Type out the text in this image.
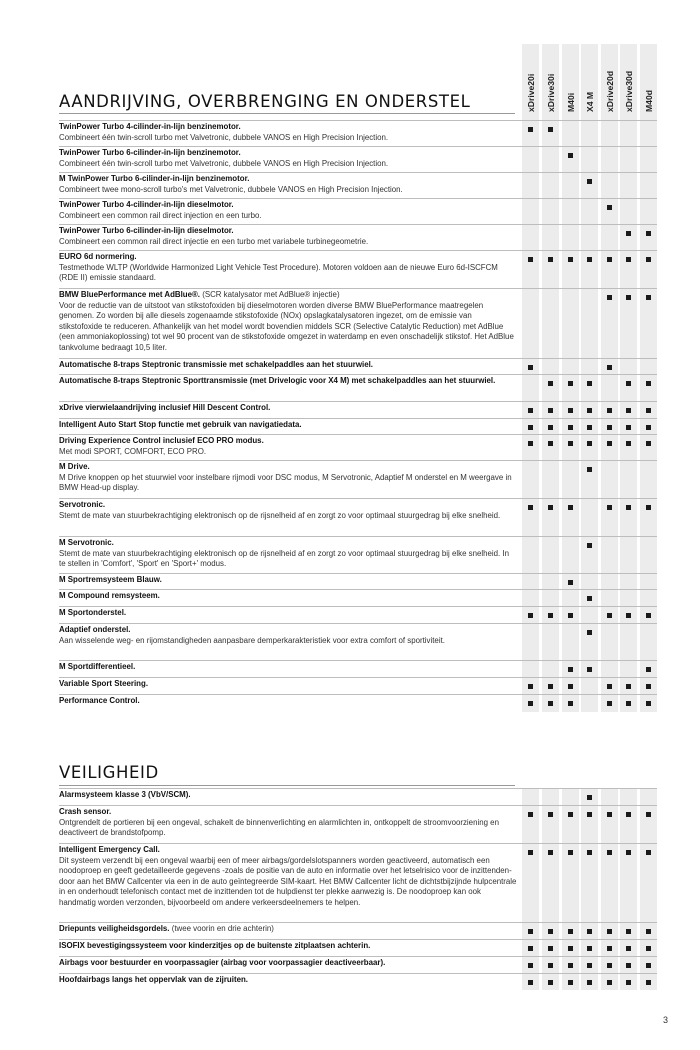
xDrive20i xDrive30i M40i X4 M xDrive20d xDrive30d M40d
AANDRIJVING, OVERBRENGING EN ONDERSTEL
TwinPower Turbo 4-cilinder-in-lijn benzinemotor.
Combineert één twin-scroll turbo met Valvetronic, dubbele VANOS en High Precision Injection.
TwinPower Turbo 6-cilinder-in-lijn benzinemotor.
Combineert één twin-scroll turbo met Valvetronic, dubbele VANOS en High Precision Injection.
M TwinPower Turbo 6-cilinder-in-lijn benzinemotor.
Combineert twee mono-scroll turbo's met Valvetronic, dubbele VANOS en High Precision Injection.
TwinPower Turbo 4-cilinder-in-lijn dieselmotor.
Combineert een common rail direct injection en een turbo.
TwinPower Turbo 6-cilinder-in-lijn dieselmotor.
Combineert een common rail direct injectie en een turbo met variabele turbinegeometrie.
EURO 6d normering.
Testmethode WLTP (Worldwide Harmonized Light Vehicle Test Procedure). Motoren voldoen aan de nieuwe Euro 6d-ISCFCM (RDE II) emissie standaard.
BMW BluePerformance met AdBlue®. (SCR katalysator met AdBlue® injectie)
Voor de reductie van de uitstoot van stikstofoxiden bij dieselmotoren worden diverse BMW BluePerformance maatregelen genomen. Zo worden bij alle diesels zogenaamde stikstofoxide (NOx) opslagkatalysatoren ingezet, om de emissie van stikstofoxide te reduceren. Afhankelijk van het model wordt bovendien middels SCR (Selective Catalytic Reduction) met AdBlue (een ammoniakoplossing) tot wel 90 procent van de stikstofoxide omgezet in waterdamp en even onschadelijk stikstof. Het AdBlue tankvolume bedraagt 10,5 liter.
Automatische 8-traps Steptronic transmissie met schakelpaddles aan het stuurwiel.
Automatische 8-traps Steptronic Sporttransmissie (met Drivelogic voor X4 M) met schakelpaddles aan het stuurwiel.
xDrive vierwielaandrijving inclusief Hill Descent Control.
Intelligent Auto Start Stop functie met gebruik van navigatiedata.
Driving Experience Control inclusief ECO PRO modus.
Met modi SPORT, COMFORT, ECO PRO.
M Drive.
M Drive knoppen op het stuurwiel voor instelbare rijmodi voor DSC modus, M Servotronic, Adaptief M onderstel en M weergave in BMW Head-up display.
Servotronic.
Stemt de mate van stuurbekrachtiging elektronisch op de rijsnelheid af en zorgt zo voor optimaal stuurgedrag bij elke snelheid.
M Servotronic.
Stemt de mate van stuurbekrachtiging elektronisch op de rijsnelheid af en zorgt zo voor optimaal stuurgedrag bij elke snelheid. In te stellen in 'Comfort', 'Sport' en 'Sport+' modus.
M Sportremsysteem Blauw.
M Compound remsysteem.
M Sportonderstel.
Adaptief onderstel.
Aan wisselende weg- en rijomstandigheden aanpasbare demperkarakteristiek voor extra comfort of sportiviteit.
M Sportdifferentieel.
Variable Sport Steering.
Performance Control.
VEILIGHEID
Alarmsysteem klasse 3 (VbV/SCM).
Crash sensor.
Ontgrendelt de portieren bij een ongeval, schakelt de binnenverlichting en alarmlichten in, ontkoppelt de stroomvoorziening en deactiveert de brandstofpomp.
Intelligent Emergency Call.
Dit systeem verzendt bij een ongeval waarbij een of meer airbags/gordelslotspanners worden geactiveerd, automatisch een noodoproep en geeft gedetailleerde gegevens -zoals de positie van de auto en informatie over het letselrisico voor de inzittenden- door aan het BMW Callcenter via een in de auto geïntegreerde SIM-kaart. Het BMW Callcenter licht de dichtstbijzijnde hulpcentrale in en onderhoudt telefonisch contact met de inzittenden tot de hulpdienst ter plekke aanwezig is. De noodoproep kan ook handmatig worden verzonden, bijvoorbeeld om andere verkeersdeelnemers te helpen.
Driepunts veiligheidsgordels. (twee voorin en drie achterin)
ISOFIX bevestigingssysteem voor kinderzitjes op de buitenste zitplaatsen achterin.
Airbags voor bestuurder en voorpassagier (airbag voor voorpassagier deactiveerbaar).
Hoofdairbags langs het oppervlak van de zijruiten.
3
